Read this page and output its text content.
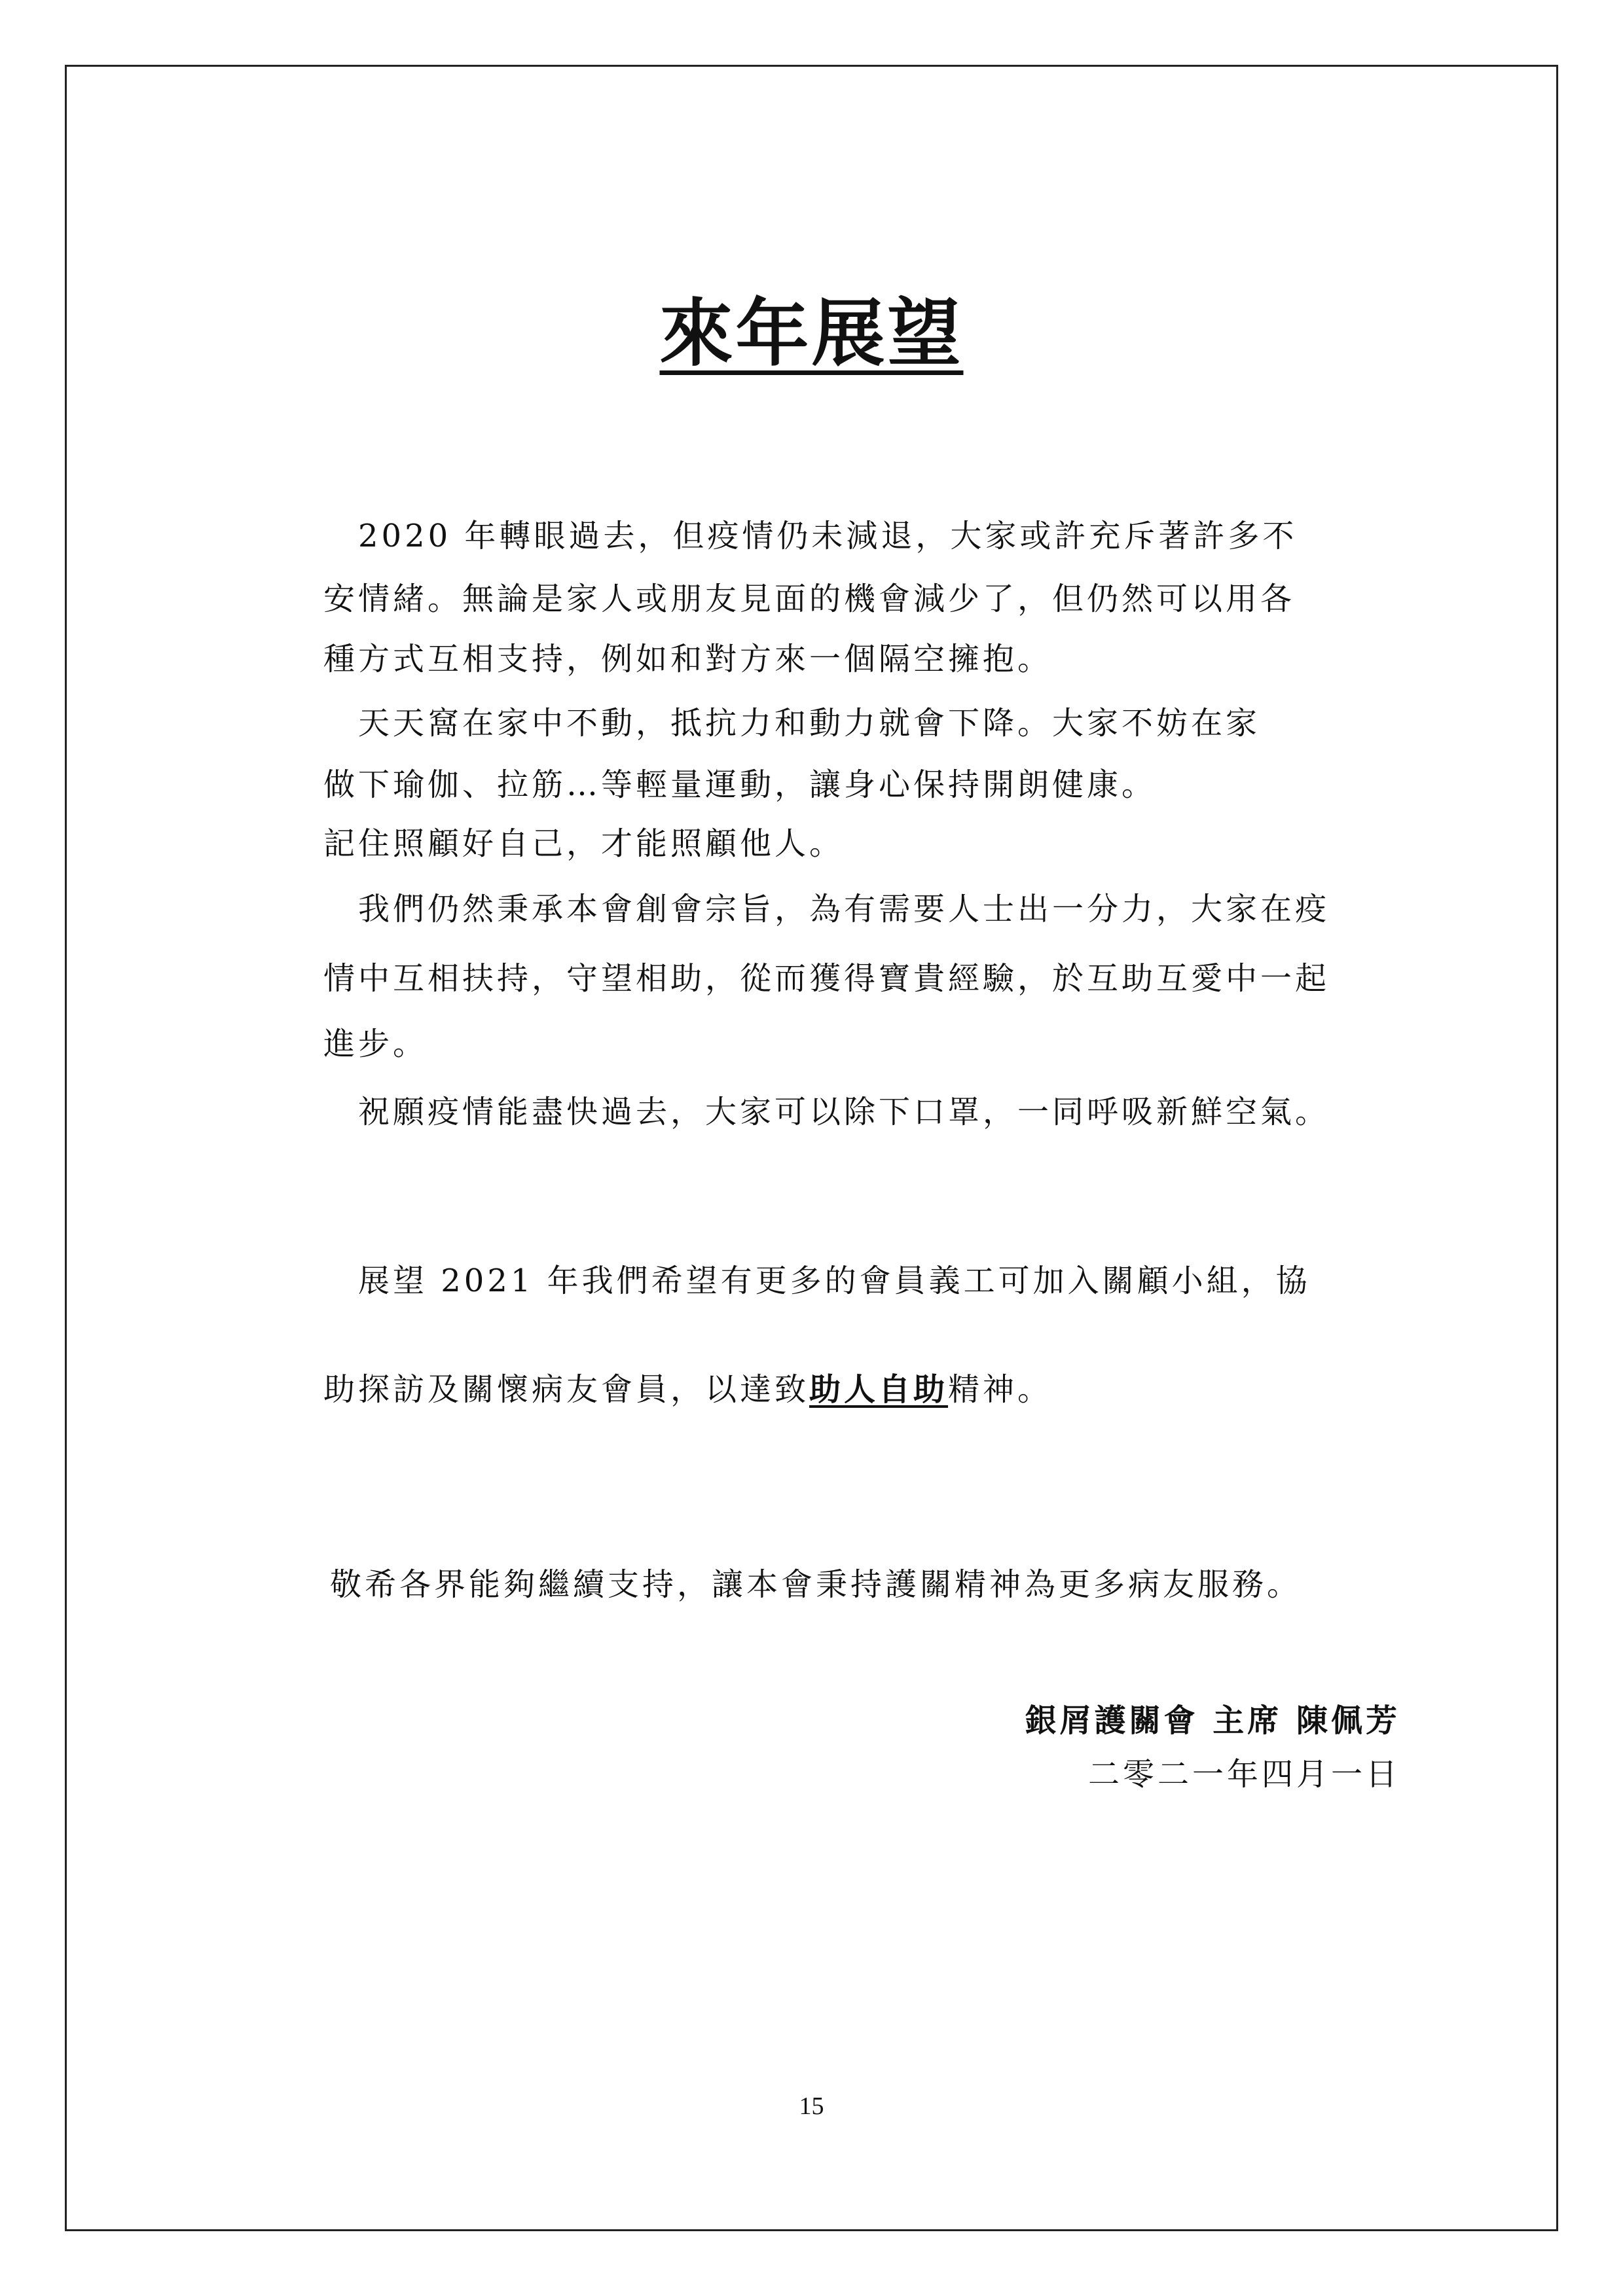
來年展望
　2020 年轉眼過去，但疫情仍未減退，大家或許充斥著許多不
安情緒。無論是家人或朋友見面的機會減少了，但仍然可以用各
種方式互相支持，例如和對方來一個隔空擁抱。
　天天窩在家中不動，抵抗力和動力就會下降。大家不妨在家
做下瑜伽、拉筋…等輕量運動，讓身心保持開朗健康。
記住照顧好自己，才能照顧他人。
　我們仍然秉承本會創會宗旨，為有需要人士出一分力，大家在疫
情中互相扶持，守望相助，從而獲得寶貴經驗，於互助互愛中一起
進步。
　祝願疫情能盡快過去，大家可以除下口罩，一同呼吸新鮮空氣。
　展望 2021 年我們希望有更多的會員義工可加入關顧小組，協
助探訪及關懷病友會員，以達致助人自助精神。
敬希各界能夠繼續支持，讓本會秉持護關精神為更多病友服務。
銀屑護關會 主席 陳佩芳
二零二一年四月一日
15
